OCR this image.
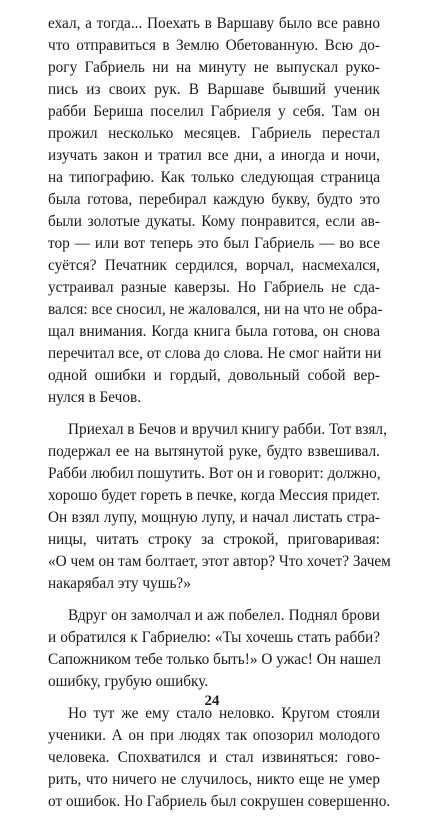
ехал, а тогда... Поехать в Варшаву было все равно
что отправиться в Землю Обетованную. Всю до-
рогу Габриель ни на минуту не выпускал руко-
пись из своих рук. В Варшаве бывший ученик
рабби Бериша поселил Габриеля у себя. Там он
прожил несколько месяцев. Габриель перестал
изучать закон и тратил все дни, а иногда и ночи,
на типографию. Как только следующая страница
была готова, перебирал каждую букву, будто это
были золотые дукаты. Кому понравится, если ав-
тор — или вот теперь это был Габриель — во все
суётся? Печатник сердился, ворчал, насмехался,
устраивал разные каверзы. Но Габриель не сда-
вался: все сносил, не жаловался, ни на что не обра-
щал внимания. Когда книга была готова, он снова
перечитал все, от слова до слова. Не смог найти ни
одной ошибки и гордый, довольный собой вер-
нулся в Бечов.
Приехал в Бечов и вручил книгу рабби. Тот взял,
подержал ее на вытянутой руке, будто взвешивал.
Рабби любил пошутить. Вот он и говорит: должно,
хорошо будет гореть в печке, когда Мессия придет.
Он взял лупу, мощную лупу, и начал листать стра-
ницы, читать строку за строкой, приговаривая:
«О чем он там болтает, этот автор? Что хочет? Зачем
накарябал эту чушь?»
Вдруг он замолчал и аж побелел. Поднял брови
и обратился к Габриелю: «Ты хочешь стать рабби?
Сапожником тебе только быть!» О ужас! Он нашел
ошибку, грубую ошибку.
Но тут же ему стало неловко. Кругом стояли
ученики. А он при людях так опозорил молодого
человека. Спохватился и стал извиняться: гово-
рить, что ничего не случилось, никто еще не умер
от ошибок. Но Габриель был сокрушен совершенно.
24
